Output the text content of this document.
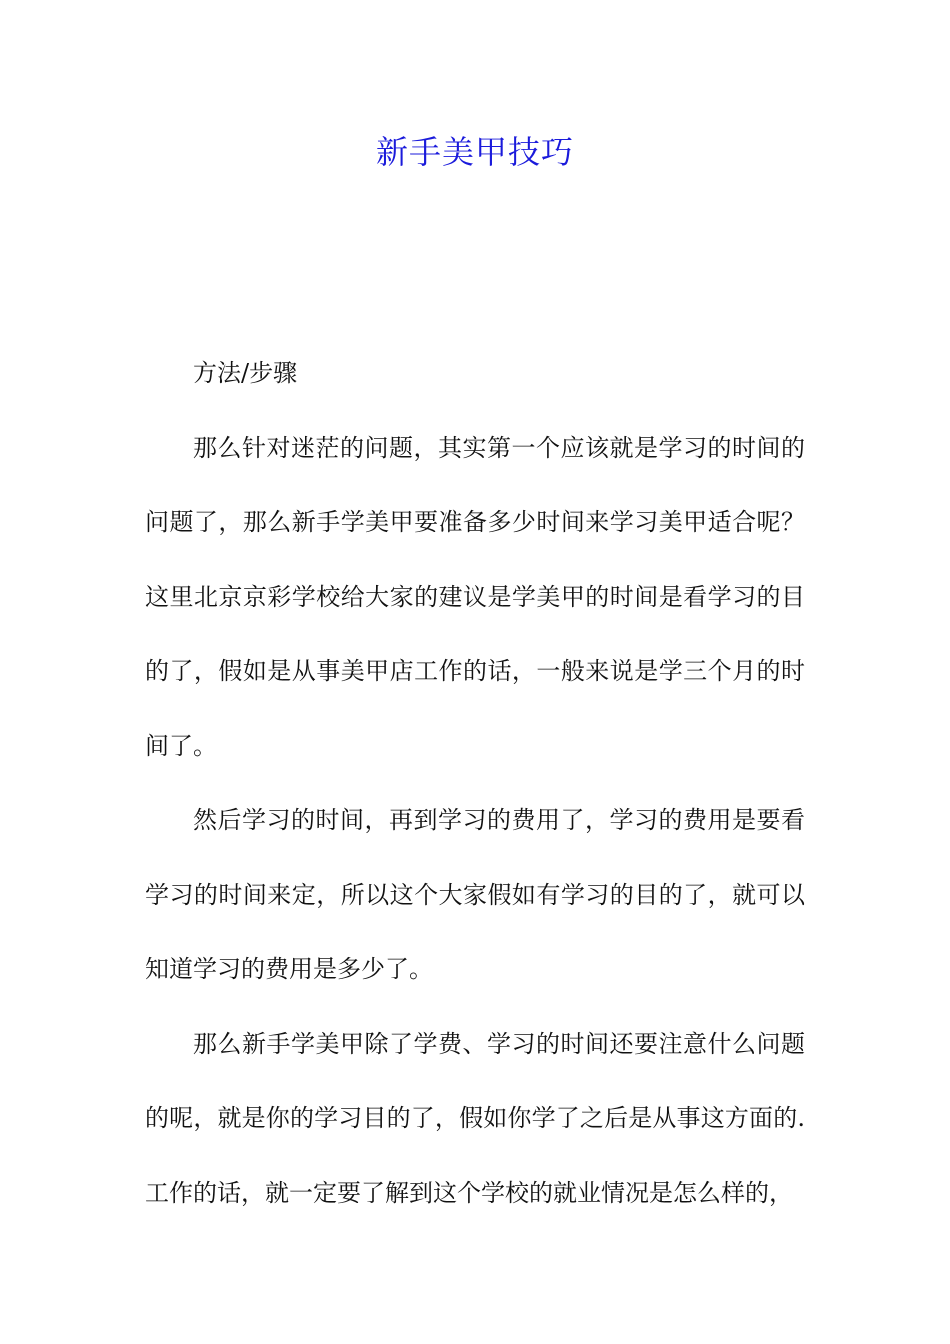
新手美甲技巧

方法/步骤

那么针对迷茫的问题，其实第一个应该就是学习的时间的问题了，那么新手学美甲要准备多少时间来学习美甲适合呢？这里北京京彩学校给大家的建议是学美甲的时间是看学习的目的了，假如是从事美甲店工作的话，一般来说是学三个月的时间了。

然后学习的时间，再到学习的费用了，学习的费用是要看学习的时间来定，所以这个大家假如有学习的目的了，就可以知道学习的费用是多少了。

那么新手学美甲除了学费、学习的时间还要注意什么问题的呢，就是你的学习目的了，假如你学了之后是从事这方面的.工作的话，就一定要了解到这个学校的就业情况是怎么样的，
